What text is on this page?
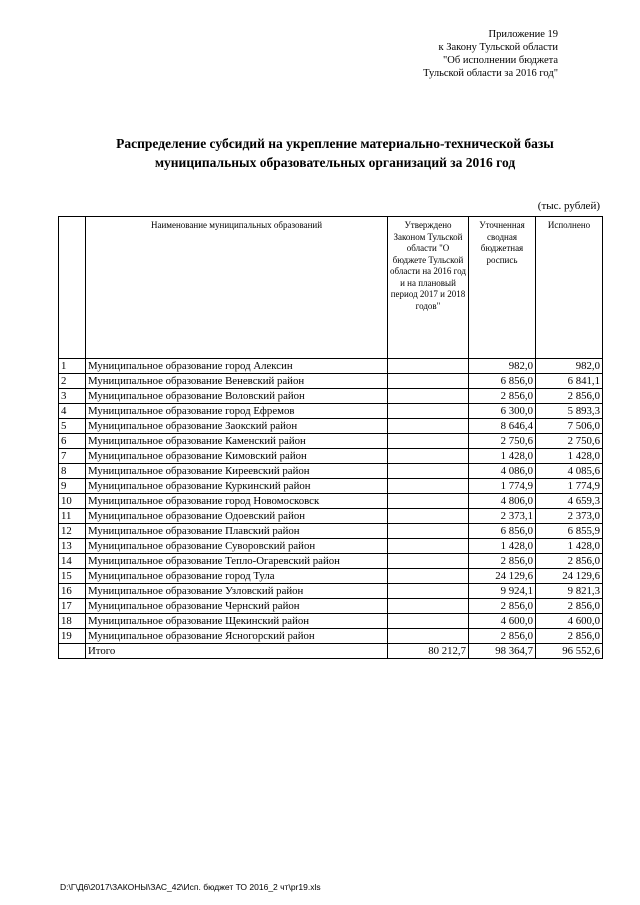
Приложение 19
к Закону Тульской области
"Об исполнении бюджета
Тульской области за 2016 год"
Распределение субсидий на укрепление материально-технической базы
муниципальных образовательных организаций за 2016 год
(тыс. рублей)
	Наименование муниципальных образований	Утверждено Законом Тульской области "О бюджете Тульской области на 2016 год и на плановый период 2017 и 2018 годов"	Уточненная сводная бюджетная роспись	Исполнено
1	Муниципальное образование город Алексин		982,0	982,0
2	Муниципальное образование Веневский район		6 856,0	6 841,1
3	Муниципальное образование Воловский район		2 856,0	2 856,0
4	Муниципальное образование город Ефремов		6 300,0	5 893,3
5	Муниципальное образование Заокский район		8 646,4	7 506,0
6	Муниципальное образование Каменский район		2 750,6	2 750,6
7	Муниципальное образование Кимовский район		1 428,0	1 428,0
8	Муниципальное образование Киреевский район		4 086,0	4 085,6
9	Муниципальное образование Куркинский район		1 774,9	1 774,9
10	Муниципальное образование город Новомосковск		4 806,0	4 659,3
11	Муниципальное образование Одоевский район		2 373,1	2 373,0
12	Муниципальное образование Плавский район		6 856,0	6 855,9
13	Муниципальное образование Суворовский район		1 428,0	1 428,0
14	Муниципальное образование Тепло-Огаревский район		2 856,0	2 856,0
15	Муниципальное образование город Тула		24 129,6	24 129,6
16	Муниципальное образование Узловский район		9 924,1	9 821,3
17	Муниципальное образование Чернский район		2 856,0	2 856,0
18	Муниципальное образование Щекинский район		4 600,0	4 600,0
19	Муниципальное образование Ясногорский район		2 856,0	2 856,0
	Итого	80 212,7	98 364,7	96 552,6
D:\Г\Д6\2017\ЗАКОНЫ\ЗАС_42\Исп. бюджет ТО 2016_2 чт\pr19.xls
